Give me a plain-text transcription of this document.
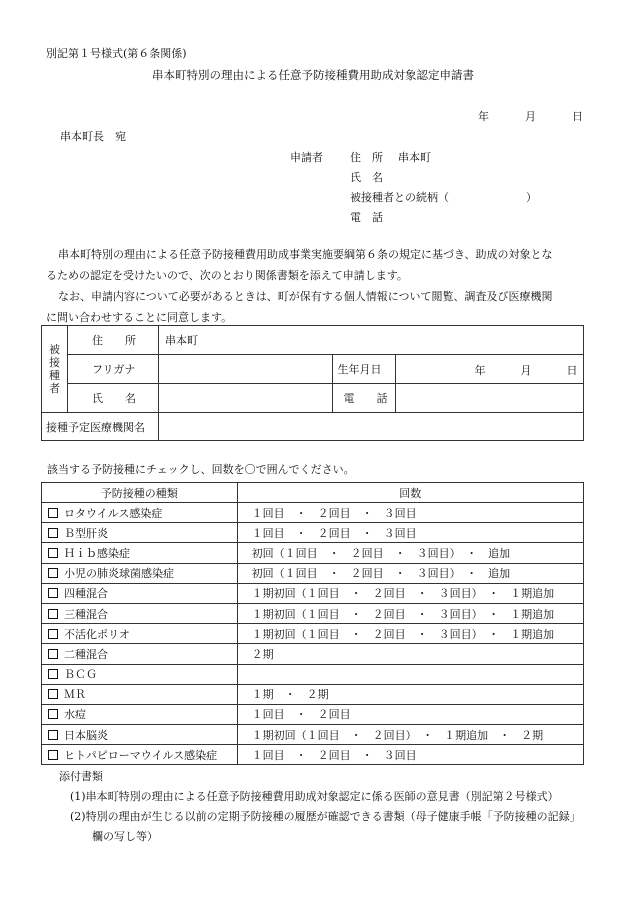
別記第１号様式(第６条関係)
串本町特別の理由による任意予防接種費用助成対象認定申請書
年	月	日
串本町長　宛
申請者 住　所 串本町
氏　名
被接種者との続柄（　　　　　　　）
電　話
串本町特別の理由による任意予防接種費用助成事業実施要綱第６条の規定に基づき、助成の対象とな
るための認定を受けたいので、次のとおり関係書類を添えて申請します。
なお、申請内容について必要があるときは、町が保有する個人情報について閲覧、調査及び医療機関
に問い合わせすることに同意します。
被
接
種
者	住　　所	串本町		
	フリガナ		生年月日	年 月 日

	氏　　名		電　　話	
接種予定医療機関名				
該当する予防接種にチェックし、回数を〇で囲んでください。
予防接種の種類	回数
ロタウイルス感染症	１回目　・　２回目　・　３回目
Ｂ型肝炎	１回目　・　２回目　・　３回目
Ｈｉｂ感染症	初回（１回目　・　２回目　・　３回目）　・　追加
小児の肺炎球菌感染症	初回（１回目　・　２回目　・　３回目）　・　追加
四種混合	１期初回（１回目　・　２回目　・　３回目）　・　１期追加
三種混合	１期初回（１回目　・　２回目　・　３回目）　・　１期追加
不活化ポリオ	１期初回（１回目　・　２回目　・　３回目）　・　１期追加
二種混合	２期
ＢＣＧ	
ＭＲ	１期　・　２期
水痘	１回目　・　２回目
日本脳炎	１期初回（１回目　・　２回目）　・　１期追加　・　２期
ヒトパピローマウイルス感染症	１回目　・　２回目　・　３回目
添付書類
(1)串本町特別の理由による任意予防接種費用助成対象認定に係る医師の意見書（別記第２号様式）
(2)特別の理由が生じる以前の定期予防接種の履歴が確認できる書類（母子健康手帳「予防接種の記録」
欄の写し等）
